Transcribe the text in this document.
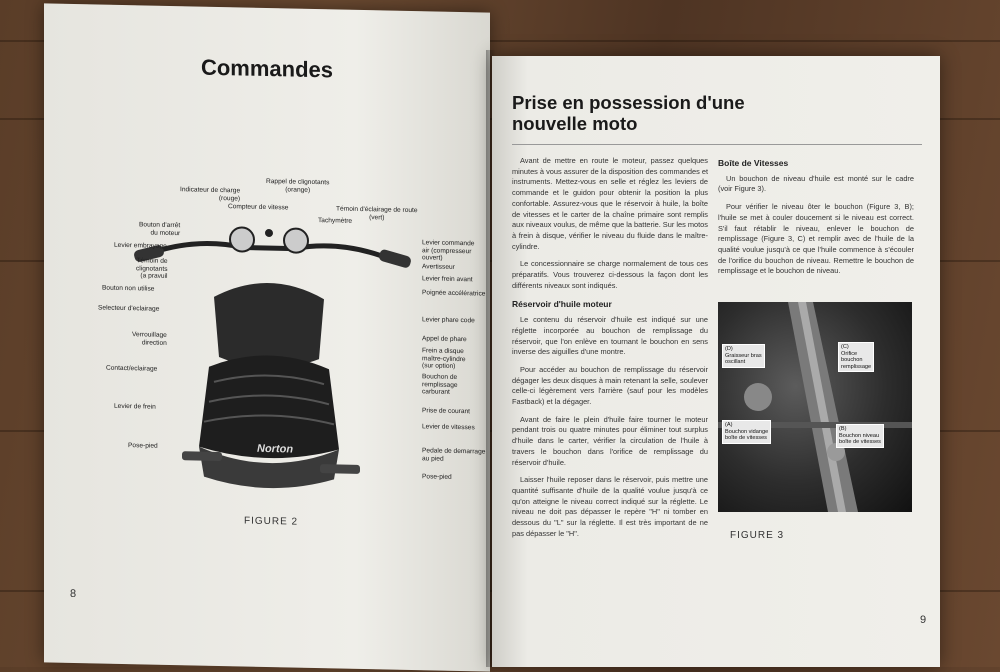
Commandes
Norton
Rappel de clignotants
(orange)
Indicateur de charge
(rouge)
Compteur de vitesse	Témoin d'éclairage de route
(vert)
Tachymètre
Bouton d'arrêt
du moteur
Levier embrayage
Témoin de
clignotants
(a pravuil
Bouton non utilise
Selecteur d'eclairage
Verrouillage
direction
Contact/eclairage
Levier de frein
Pose-pied
Levier commande
air (compresseur
ouvert)
Avertisseur
Levier frein avant
Poignée accélératrice
Levier phare code
Appel de phare
Frein a disque
maître-cylindre
(sur option)
Bouchon de
remplissage
carburant
Prise de courant
Levier de vitesses
Pedale de demarrage
au pied
Pose-pied
FIGURE 2
8
Prise en possession d'une nouvelle moto

Avant de mettre en route le moteur, passez quelques minutes à vous assurer de la disposition des commandes et instruments. Mettez-vous en selle et réglez les leviers de commande et le guidon pour obtenir la position la plus confortable. Assurez-vous que le réservoir à huile, la boîte de vitesses et le carter de la chaîne primaire sont remplis aux niveaux voulus, de même que la batterie. Sur les motos à frein à disque, vérifier le niveau du fluide dans le maître-cylindre.

Le concessionnaire se charge normalement de tous ces préparatifs. Vous trouverez ci-dessous la façon dont les différents niveaux sont indiqués.

Réservoir d'huile moteur

Le contenu du réservoir d'huile est indiqué sur une réglette incorporée au bouchon de remplissage du réservoir, que l'on enlève en tournant le bouchon en sens inverse des aiguilles d'une montre.

Pour accéder au bouchon de remplissage du réservoir dégager les deux disques à main retenant la selle, soulever celle-ci légèrement vers l'arrière (sauf pour les modèles Fastback) et la dégager.

Avant de faire le plein d'huile faire tourner le moteur pendant trois ou quatre minutes pour éliminer tout surplus d'huile dans le carter, vérifier la circulation de l'huile à travers le bouchon dans l'orifice de remplissage du réservoir d'huile.

Laisser l'huile reposer dans le réservoir, puis mettre une quantité suffisante d'huile de la qualité voulue jusqu'à ce qu'on atteigne le niveau correct indiqué sur la réglette. Le niveau ne doit pas dépasser le repère "H" ni tomber en dessous du "L" sur la réglette. Il est très important de ne pas dépasser le "H".

Boîte de Vitesses

Un bouchon de niveau d'huile est monté sur le cadre (voir Figure 3).

Pour vérifier le niveau ôter le bouchon (Figure 3, B); l'huile se met à couler doucement si le niveau est correct. S'il faut rétablir le niveau, enlever le bouchon de remplissage (Figure 3, C) et remplir avec de l'huile de la qualité voulue jusqu'à ce que l'huile commence à s'écouler de l'orifice du bouchon de niveau. Remettre le bouchon de remplissage et le bouchon de niveau.

(D)
Graisseur bras
oscillant
(C)
Orifice
bouchon
remplissage
(A)
Bouchon vidange
boîte de vitesses
(B)
Bouchon niveau
boîte de vitesses
FIGURE 3
9
